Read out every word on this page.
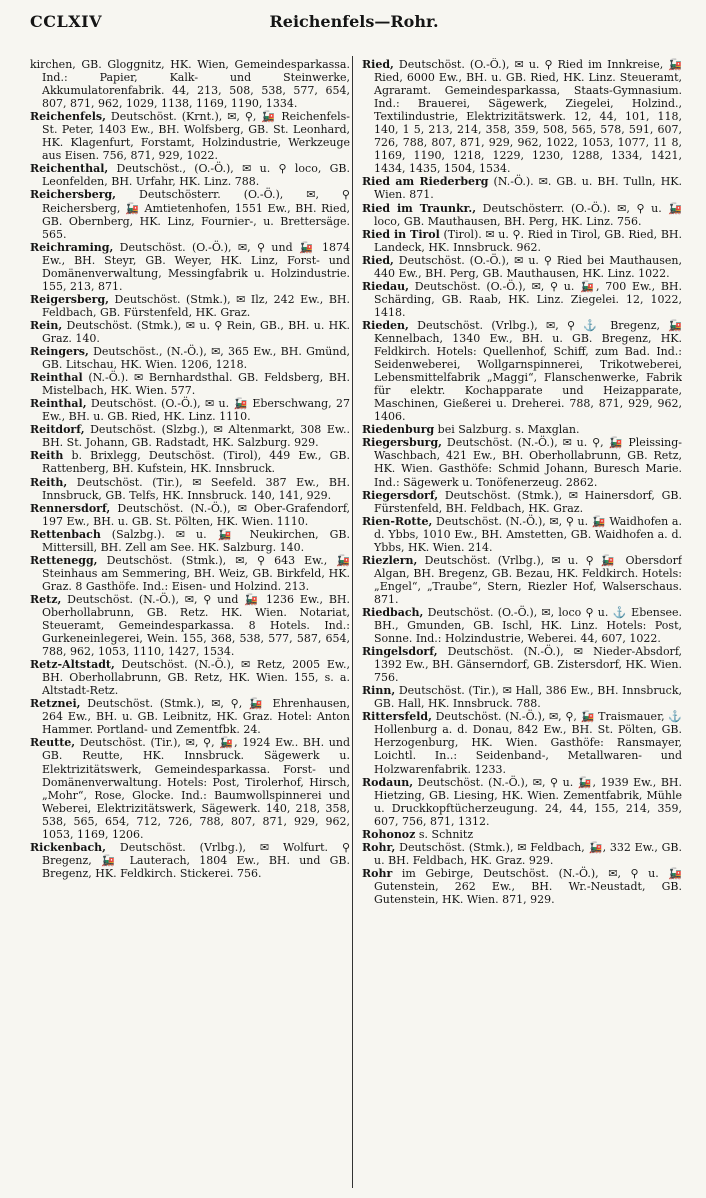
CCLXIV	Reichenfels—Rohr.

kirchen, GB. Gloggnitz, HK. Wien, Gemeindesparkassa. Ind.: Papier, Kalk- und Steinwerke, Akkumulatorenfabrik. 44, 213, 508, 538, 577, 654, 807, 871, 962, 1029, 1138, 1169, 1190, 1334.

Reichenfels, Deutschöst. (Krnt.), ✉, ⚲, 🚂 Reichenfels-St. Peter, 1403 Ew., BH. Wolfsberg, GB. St. Leonhard, HK. Klagenfurt, Forstamt, Holzindustrie, Werkzeuge aus Eisen. 756, 871, 929, 1022.

Reichenthal, Deutschöst., (O.-Ö.), ✉ u. ⚲ loco, GB. Leonfelden, BH. Urfahr, HK. Linz. 788.

Reichersberg, Deutschösterr. (O.-Ö.), ✉, ⚲ Reichersberg, 🚂 Amtietenhofen, 1551 Ew., BH. Ried, GB. Obernberg, HK. Linz, Fournier-, u. Brettersäge. 565.

Reichraming, Deutschöst. (O.-Ö.), ✉, ⚲ und 🚂 1874 Ew., BH. Steyr, GB. Weyer, HK. Linz, Forst- und Domänenverwaltung, Messingfabrik u. Holzindustrie. 155, 213, 871.

Reigersberg, Deutschöst. (Stmk.), ✉ Ilz, 242 Ew., BH. Feldbach, GB. Fürstenfeld, HK. Graz.

Rein, Deutschöst. (Stmk.), ✉ u. ⚲ Rein, GB., BH. u. HK. Graz. 140.

Reingers, Deutschöst., (N.-Ö.), ✉, 365 Ew., BH. Gmünd, GB. Litschau, HK. Wien. 1206, 1218.

Reinthal (N.-Ö.). ✉ Bernhardsthal. GB. Feldsberg, BH. Mistelbach, HK. Wien. 577.

Reinthal, Deutschöst. (O.-Ö.), ✉ u. 🚂 Eberschwang, 27 Ew., BH. u. GB. Ried, HK. Linz. 1110.

Reitdorf, Deutschöst. (Slzbg.), ✉ Altenmarkt, 308 Ew.. BH. St. Johann, GB. Radstadt, HK. Salzburg. 929.

Reith b. Brixlegg, Deutschöst. (Tirol), 449 Ew., GB. Rattenberg, BH. Kufstein, HK. Innsbruck.

Reith, Deutschöst. (Tir.), ✉ Seefeld. 387 Ew., BH. Innsbruck, GB. Telfs, HK. Innsbruck. 140, 141, 929.

Rennersdorf, Deutschöst. (N.-Ö.), ✉ Ober-Grafendorf, 197 Ew., BH. u. GB. St. Pölten, HK. Wien. 1110.

Rettenbach (Salzbg.). ✉ u. 🚂 Neukirchen, GB. Mittersill, BH. Zell am See. HK. Salzburg. 140.

Rettenegg, Deutschöst. (Stmk.), ✉, ⚲ 643 Ew., 🚂 Steinhaus am Semmering, BH. Weiz, GB. Birkfeld, HK. Graz. 8 Gasthöfe. Ind.: Eisen- und Holzind. 213.

Retz, Deutschöst. (N.-Ö.), ✉, ⚲ und 🚂 1236 Ew., BH. Oberhollabrunn, GB. Retz. HK. Wien. Notariat, Steueramt, Gemeindesparkassa. 8 Hotels. Ind.: Gurkeneinlegerei, Wein. 155, 368, 538, 577, 587, 654, 788, 962, 1053, 1110, 1427, 1534.

Retz-Altstadt, Deutschöst. (N.-Ö.), ✉ Retz, 2005 Ew., BH. Oberhollabrunn, GB. Retz, HK. Wien. 155, s. a. Altstadt-Retz.

Retznei, Deutschöst. (Stmk.), ✉, ⚲, 🚂 Ehrenhausen, 264 Ew., BH. u. GB. Leibnitz, HK. Graz. Hotel: Anton Hammer. Portland- und Zementfbk. 24.

Reutte, Deutschöst. (Tir.), ✉, ⚲, 🚂, 1924 Ew.. BH. und GB. Reutte, HK. Innsbruck. Sägewerk u. Elektrizitätswerk, Gemeindesparkassa. Forst- und Domänenverwaltung. Hotels: Post, Tirolerhof, Hirsch, „Mohr“, Rose, Glocke. Ind.: Baumwollspinnerei und Weberei, Elektrizitätswerk, Sägewerk. 140, 218, 358, 538, 565, 654, 712, 726, 788, 807, 871, 929, 962, 1053, 1169, 1206.

Rickenbach, Deutschöst. (Vrlbg.), ✉ Wolfurt. ⚲ Bregenz, 🚂 Lauterach, 1804 Ew., BH. und GB. Bregenz, HK. Feldkirch. Stickerei. 756.

Ried, Deutschöst. (O.-Ö.), ✉ u. ⚲ Ried im Innkreise, 🚂 Ried, 6000 Ew., BH. u. GB. Ried, HK. Linz. Steueramt, Agraramt. Gemeindesparkassa, Staats-Gymnasium. Ind.: Brauerei, Sägewerk, Ziegelei, Holzind., Textilindustrie, Elektrizitätswerk. 12, 44, 101, 118, 140, 1 5, 213, 214, 358, 359, 508, 565, 578, 591, 607, 726, 788, 807, 871, 929, 962, 1022, 1053, 1077, 11 8, 1169, 1190, 1218, 1229, 1230, 1288, 1334, 1421, 1434, 1435, 1504, 1534.

Ried am Riederberg (N.-Ö.). ✉. GB. u. BH. Tulln, HK. Wien. 871.

Ried im Traunkr., Deutschösterr. (O.-Ö.). ✉, ⚲ u. 🚂 loco, GB. Mauthausen, BH. Perg, HK. Linz. 756.

Ried in Tirol (Tirol). ✉ u. ⚲. Ried in Tirol, GB. Ried, BH. Landeck, HK. Innsbruck. 962.

Ried, Deutschöst. (O.-Ö.), ✉ u. ⚲ Ried bei Mauthausen, 440 Ew., BH. Perg, GB. Mauthausen, HK. Linz. 1022.

Riedau, Deutschöst. (O.-Ö.), ✉, ⚲ u. 🚂, 700 Ew., BH. Schärding, GB. Raab, HK. Linz. Ziegelei. 12, 1022, 1418.

Rieden, Deutschöst. (Vrlbg.), ✉, ⚲ ⚓ Bregenz, 🚂 Kennelbach, 1340 Ew., BH. u. GB. Bregenz, HK. Feldkirch. Hotels: Quellenhof, Schiff, zum Bad. Ind.: Seidenweberei, Wollgarnspinnerei, Trikotweberei, Lebensmittelfabrik „Maggi“, Flanschenwerke, Fabrik für elektr. Kochapparate und Heizapparate, Maschinen, Gießerei u. Dreherei. 788, 871, 929, 962, 1406.

Riedenburg bei Salzburg. s. Maxglan.

Riegersburg, Deutschöst. (N.-Ö.), ✉ u. ⚲, 🚂 Pleissing-Waschbach, 421 Ew., BH. Oberhollabrunn, GB. Retz, HK. Wien. Gasthöfe: Schmid Johann, Buresch Marie. Ind.: Sägewerk u. Tonöfenerzeug. 2862.

Riegersdorf, Deutschöst. (Stmk.), ✉ Hainersdorf, GB. Fürstenfeld, BH. Feldbach, HK. Graz.

Rien-Rotte, Deutschöst. (N.-Ö.), ✉, ⚲ u. 🚂 Waidhofen a. d. Ybbs, 1010 Ew., BH. Amstetten, GB. Waidhofen a. d. Ybbs, HK. Wien. 214.

Riezlern, Deutschöst. (Vrlbg.), ✉ u. ⚲ 🚂 Obersdorf Algan, BH. Bregenz, GB. Bezau, HK. Feldkirch. Hotels: „Engel“, „Traube“, Stern, Riezler Hof, Walserschaus. 871.

Riedbach, Deutschöst. (O.-Ö.), ✉, loco ⚲ u. ⚓ Ebensee. BH., Gmunden, GB. Ischl, HK. Linz. Hotels: Post, Sonne. Ind.: Holzindustrie, Weberei. 44, 607, 1022.

Ringelsdorf, Deutschöst. (N.-Ö.), ✉ Nieder-Absdorf, 1392 Ew., BH. Gänserndorf, GB. Zistersdorf, HK. Wien. 756.

Rinn, Deutschöst. (Tir.), ✉ Hall, 386 Ew., BH. Innsbruck, GB. Hall, HK. Innsbruck. 788.

Rittersfeld, Deutschöst. (N.-Ö.), ✉, ⚲, 🚂 Traismauer, ⚓ Hollenburg a. d. Donau, 842 Ew., BH. St. Pölten, GB. Herzogenburg, HK. Wien. Gasthöfe: Ransmayer, Loichtl. In..: Seidenband-, Metallwaren- und Holzwarenfabrik. 1233.

Rodaun, Deutschöst. (N.-Ö.), ✉, ⚲ u. 🚂, 1939 Ew., BH. Hietzing, GB. Liesing, HK. Wien. Zementfabrik, Mühle u. Druckkopftücherzeugung. 24, 44, 155, 214, 359, 607, 756, 871, 1312.

Rohonoz s. Schnitz

Rohr, Deutschöst. (Stmk.), ✉ Feldbach, 🚂, 332 Ew., GB. u. BH. Feldbach, HK. Graz. 929.

Rohr im Gebirge, Deutschöst. (N.-Ö.), ✉, ⚲ u. 🚂 Gutenstein, 262 Ew., BH. Wr.-Neustadt, GB. Gutenstein, HK. Wien. 871, 929.
